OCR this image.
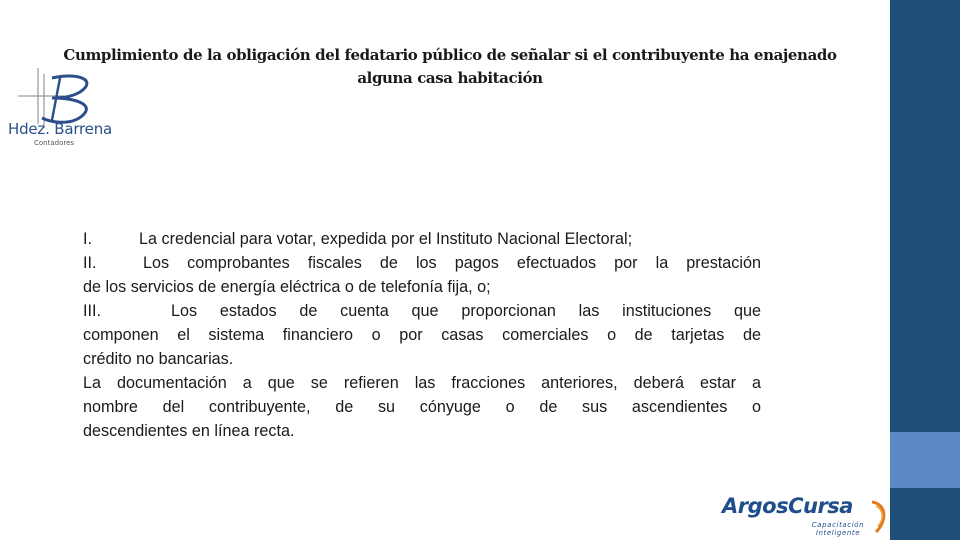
Cumplimiento de la obligación del fedatario público de señalar si el contribuyente ha enajenado
alguna casa habitación
Hdez. Barrena
Contadores
I.	La credencial para votar, expedida por el Instituto Nacional Electoral;
II.	Los comprobantes fiscales de los pagos efectuados por la prestación
de los servicios de energía eléctrica o de telefonía fija, o;
III.	Los estados de cuenta que proporcionan las instituciones que
componen el sistema financiero o por casas comerciales o de tarjetas de
crédito no bancarias.
La documentación a que se refieren las fracciones anteriores, deberá estar a
nombre del contribuyente, de su cónyuge o de sus ascendientes o
descendientes en línea recta.
ArgosCursa
Capacitación
Inteligente
